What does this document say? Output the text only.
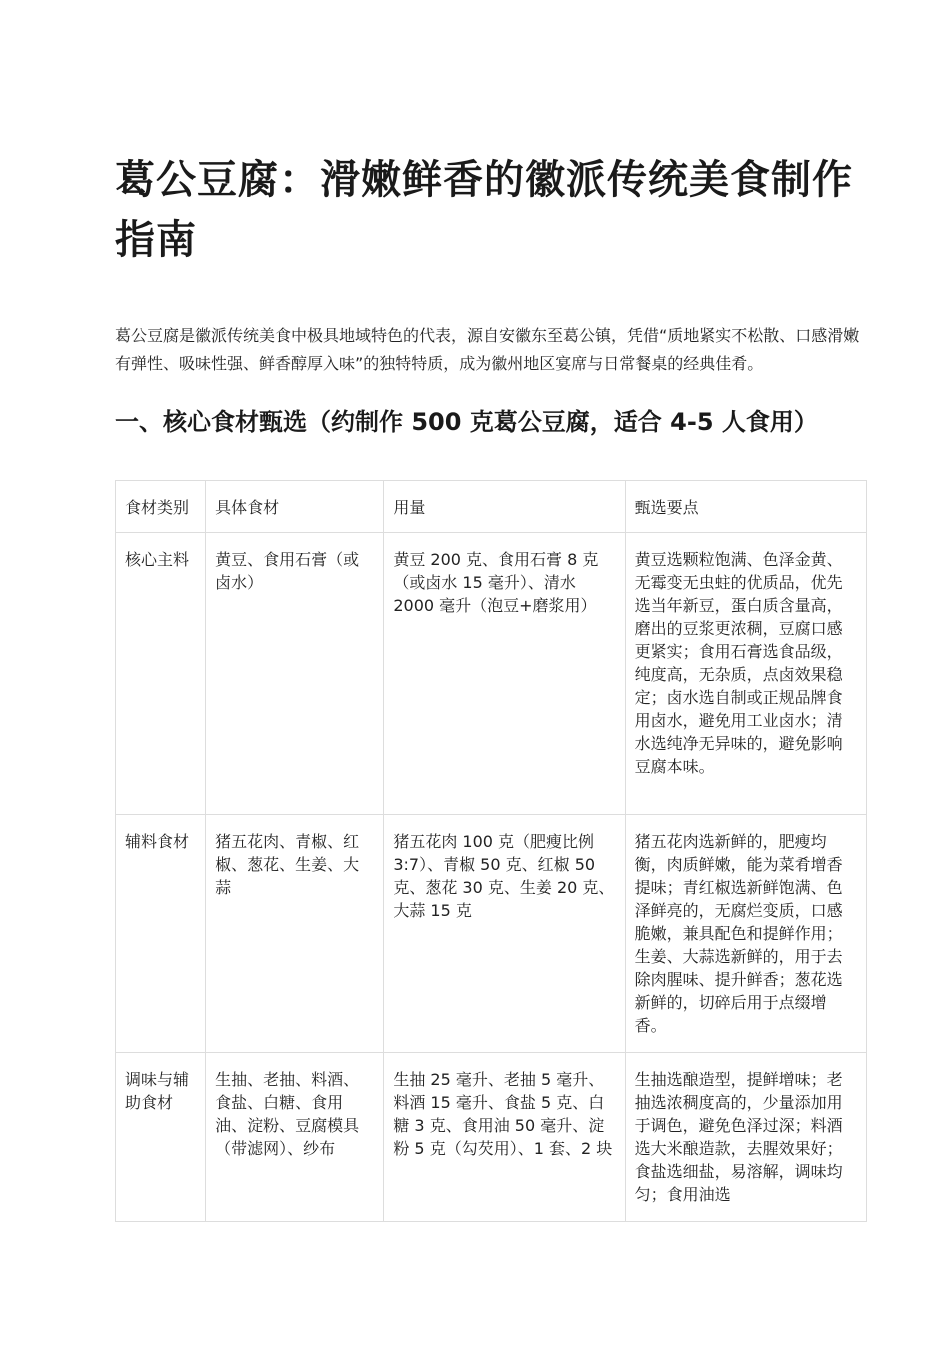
葛公豆腐：滑嫩鲜香的徽派传统美食制作指南

葛公豆腐是徽派传统美食中极具地域特色的代表，源自安徽东至葛公镇，凭借“质地紧实不松散、口感滑嫩有弹性、吸味性强、鲜香醇厚入味”的独特特质，成为徽州地区宴席与日常餐桌的经典佳肴。

一、核心食材甄选（约制作 500 克葛公豆腐，适合 4-5 人食用）
食材类别	具体食材	用量	甄选要点
核心主料	黄豆、食用石膏（或卤水）	黄豆 200 克、食用石膏 8 克（或卤水 15 毫升）、清水 2000 毫升（泡豆+磨浆用）	黄豆选颗粒饱满、色泽金黄、无霉变无虫蛀的优质品，优先选当年新豆，蛋白质含量高，磨出的豆浆更浓稠，豆腐口感更紧实；食用石膏选食品级，纯度高，无杂质，点卤效果稳定；卤水选自制或正规品牌食用卤水，避免用工业卤水；清水选纯净无异味的，避免影响豆腐本味。
辅料食材	猪五花肉、青椒、红椒、葱花、生姜、大蒜	猪五花肉 100 克（肥瘦比例 3:7）、青椒 50 克、红椒 50 克、葱花 30 克、生姜 20 克、大蒜 15 克	猪五花肉选新鲜的，肥瘦均衡，肉质鲜嫩，能为菜肴增香提味；青红椒选新鲜饱满、色泽鲜亮的，无腐烂变质，口感脆嫩，兼具配色和提鲜作用；生姜、大蒜选新鲜的，用于去除肉腥味、提升鲜香；葱花选新鲜的，切碎后用于点缀增香。
调味与辅助食材	生抽、老抽、料酒、食盐、白糖、食用油、淀粉、豆腐模具（带滤网）、纱布	生抽 25 毫升、老抽 5 毫升、料酒 15 毫升、食盐 5 克、白糖 3 克、食用油 50 毫升、淀粉 5 克（勾芡用）、1 套、2 块	生抽选酿造型，提鲜增味；老抽选浓稠度高的，少量添加用于调色，避免色泽过深；料酒选大米酿造款，去腥效果好；食盐选细盐，易溶解，调味均匀；食用油选
